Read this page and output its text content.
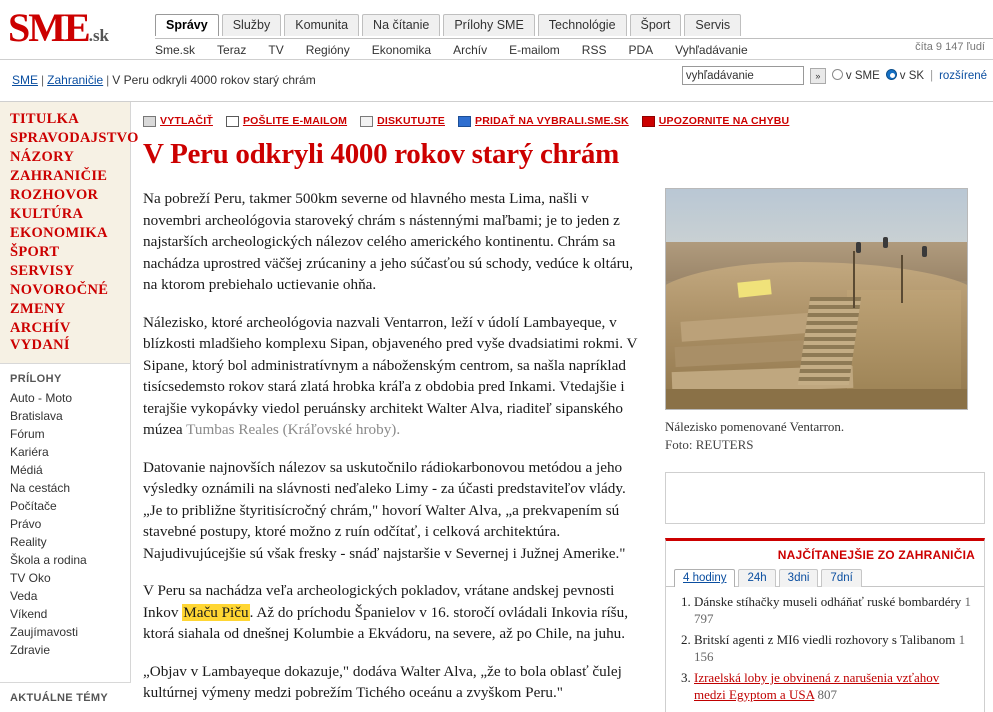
SME.sk
Správy	Služby	Komunita	Na čítanie	Prílohy SME	Technológie	Šport	Servis
Sme.sk	Teraz	TV	Regióny	Ekonomika	Archív	E-mailom	RSS	PDA	Vyhľadávanie	číta 9 147 ľudí
SME | Zahraničie | V Peru odkryli 4000 rokov starý chrám
vyhľadávanie	»	v SME	v SK | rozšírené
TITULKA
SPRAVODAJSTVO
NÁZORY
ZAHRANIČIE
ROZHOVOR
KULTÚRA
EKONOMIKA
ŠPORT
SERVISY
NOVOROČNÉ
ZMENY
ARCHÍV VYDANÍ
PRÍLOHY
Auto - Moto
Bratislava
Fórum
Kariéra
Médiá
Na cestách
Počítače
Právo
Reality
Škola a rodina
TV Oko
Veda
Víkend
Zaujímavosti
Zdravie
AKTUÁLNE TÉMY
VYTLAČIŤ	POŠLITE E-MAILOM	DISKUTUJTE	PRIDAŤ NA VYBRALI.SME.SK	UPOZORNITE NA CHYBU
V Peru odkryli 4000 rokov starý chrám

Na pobreží Peru, takmer 500km severne od hlavného mesta Lima, našli v novembri archeológovia staroveký chrám s nástennými maľbami; je to jeden z najstarších archeologických nálezov celého amerického kontinentu. Chrám sa nachádza uprostred väčšej zrúcaniny a jeho súčasťou sú schody, vedúce k oltáru, na ktorom prebiehalo uctievanie ohňa.

Nálezisko, ktoré archeológovia nazvali Ventarron, leží v údolí Lambayeque, v blízkosti mladšieho komplexu Sipan, objaveného pred vyše dvadsiatimi rokmi. V Sipane, ktorý bol administratívnym a náboženským centrom, sa našla napríklad tisícsedemsto rokov stará zlatá hrobka kráľa z obdobia pred Inkami. Vtedajšie i terajšie vykopávky viedol peruánsky architekt Walter Alva, riaditeľ sipanského múzea Tumbas Reales (Kráľovské hroby).

Datovanie najnovších nálezov sa uskutočnilo rádiokarbonovou metódou a jeho výsledky oznámili na slávnosti neďaleko Limy - za účasti predstaviteľov vlády. „Je to približne štyritisícročný chrám," hovorí Walter Alva, „a prekvapením sú stavebné postupy, ktoré možno z ruín odčítať, i celková architektúra. Najudivujúcejšie sú však fresky - snáď najstaršie v Severnej i Južnej Amerike."

V Peru sa nachádza veľa archeologických pokladov, vrátane andskej pevnosti Inkov Maču Piču. Až do príchodu Španielov v 16. storočí ovládali Inkovia ríšu, ktorá siahala od dnešnej Kolumbie a Ekvádoru, na severe, až po Chile, na juhu.

„Objav v Lambayeque dokazuje," dodáva Walter Alva, „že to bola oblasť čulej kultúrnej výmeny medzi pobrežím Tichého oceánu a zvyškom Peru."

Nálezisko pomenované Ventarron.
Foto: REUTERS
NAJČÍTANEJŠIE ZO ZAHRANIČIA
4 hodiny	24h	3dni	7dní
1. Dánske stíhačky museli odháňať ruské bombardéry 1 797
2. Britskí agenti z MI6 viedli rozhovory s Talibanom 1 156
3. Izraelská loby je obvinená z narušenia vzťahov medzi Egyptom a USA 807
